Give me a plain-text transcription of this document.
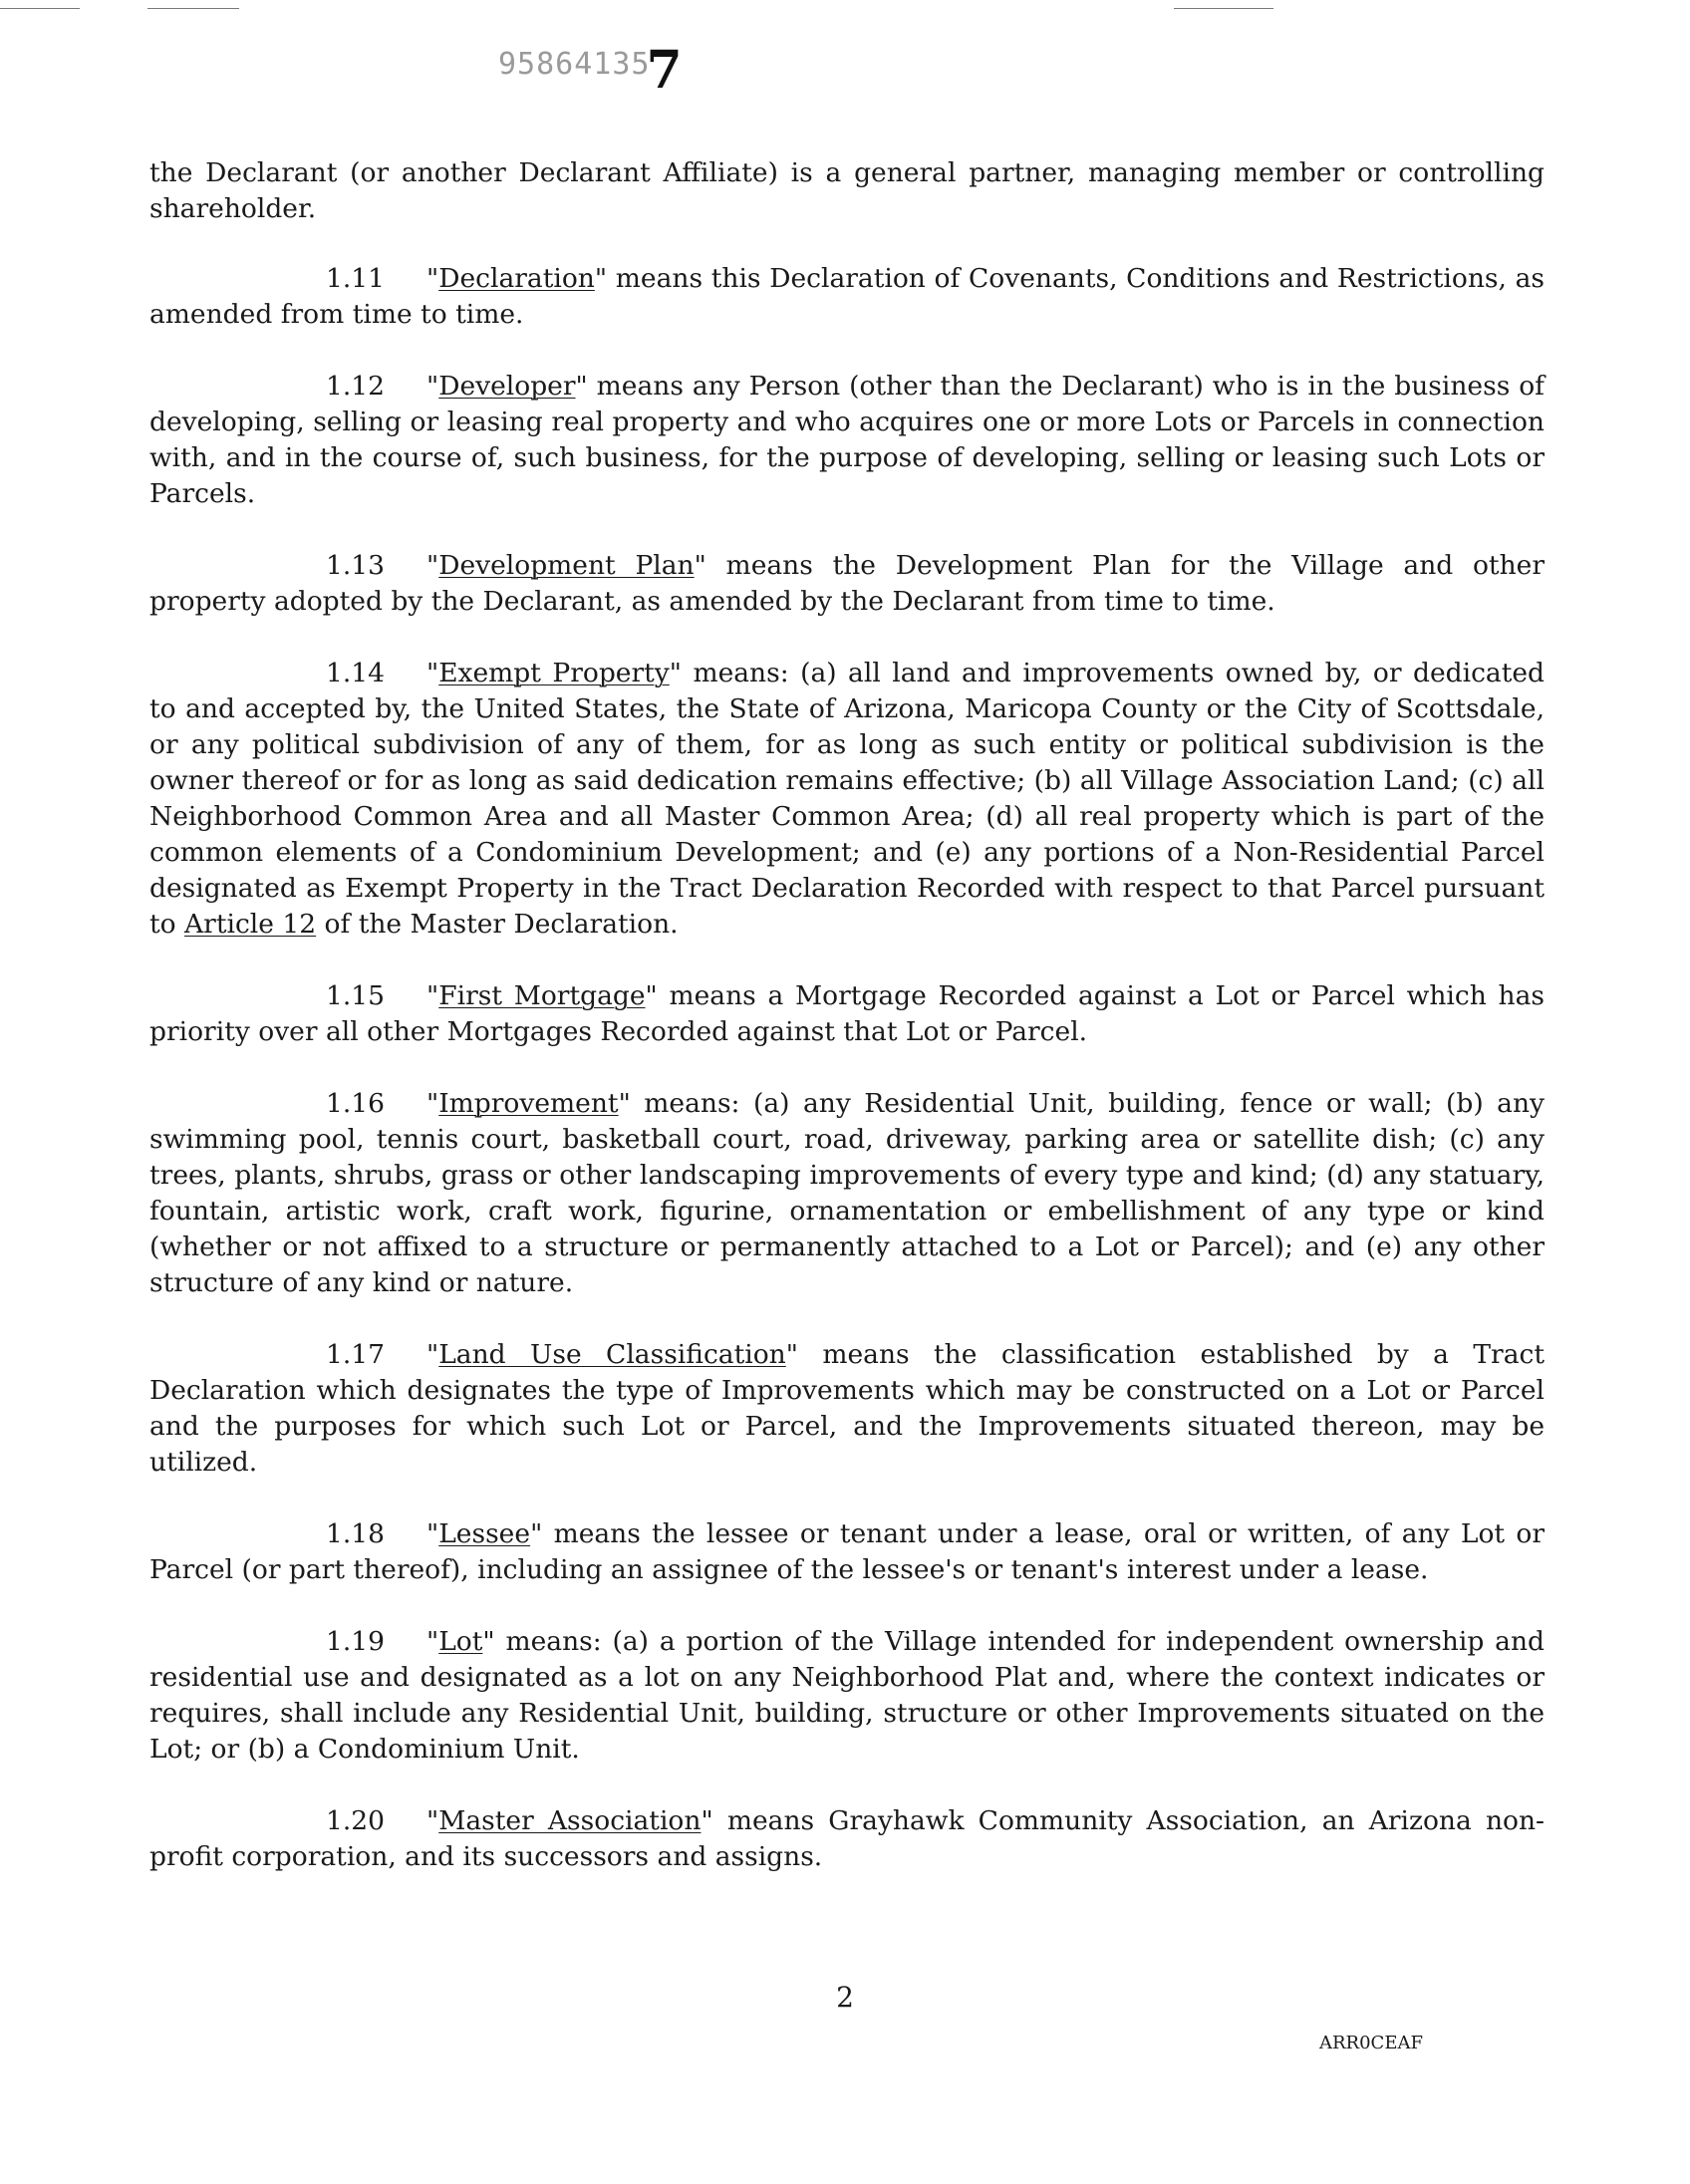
958641357

the Declarant (or another Declarant Affiliate) is a general partner, managing member or controlling shareholder.

1.11 "Declaration" means this Declaration of Covenants, Conditions and Restrictions, as amended from time to time.

1.12 "Developer" means any Person (other than the Declarant) who is in the business of developing, selling or leasing real property and who acquires one or more Lots or Parcels in connection with, and in the course of, such business, for the purpose of developing, selling or leasing such Lots or Parcels.

1.13 "Development Plan" means the Development Plan for the Village and other property adopted by the Declarant, as amended by the Declarant from time to time.

1.14 "Exempt Property" means: (a) all land and improvements owned by, or dedicated to and accepted by, the United States, the State of Arizona, Maricopa County or the City of Scottsdale, or any political subdivision of any of them, for as long as such entity or political subdivision is the owner thereof or for as long as said dedication remains effective; (b) all Village Association Land; (c) all Neighborhood Common Area and all Master Common Area; (d) all real property which is part of the common elements of a Condominium Development; and (e) any portions of a Non-Residential Parcel designated as Exempt Property in the Tract Declaration Recorded with respect to that Parcel pursuant to Article 12 of the Master Declaration.

1.15 "First Mortgage" means a Mortgage Recorded against a Lot or Parcel which has priority over all other Mortgages Recorded against that Lot or Parcel.

1.16 "Improvement" means: (a) any Residential Unit, building, fence or wall; (b) any swimming pool, tennis court, basketball court, road, driveway, parking area or satellite dish; (c) any trees, plants, shrubs, grass or other landscaping improvements of every type and kind; (d) any statuary, fountain, artistic work, craft work, figurine, ornamentation or embellishment of any type or kind (whether or not affixed to a structure or permanently attached to a Lot or Parcel); and (e) any other structure of any kind or nature.

1.17 "Land Use Classification" means the classification established by a Tract Declaration which designates the type of Improvements which may be constructed on a Lot or Parcel and the purposes for which such Lot or Parcel, and the Improvements situated thereon, may be utilized.

1.18 "Lessee" means the lessee or tenant under a lease, oral or written, of any Lot or Parcel (or part thereof), including an assignee of the lessee's or tenant's interest under a lease.

1.19 "Lot" means: (a) a portion of the Village intended for independent ownership and residential use and designated as a lot on any Neighborhood Plat and, where the context indicates or requires, shall include any Residential Unit, building, structure or other Improvements situated on the Lot; or (b) a Condominium Unit.

1.20 "Master Association" means Grayhawk Community Association, an Arizona non-profit corporation, and its successors and assigns.

2
ARR0CEAF
